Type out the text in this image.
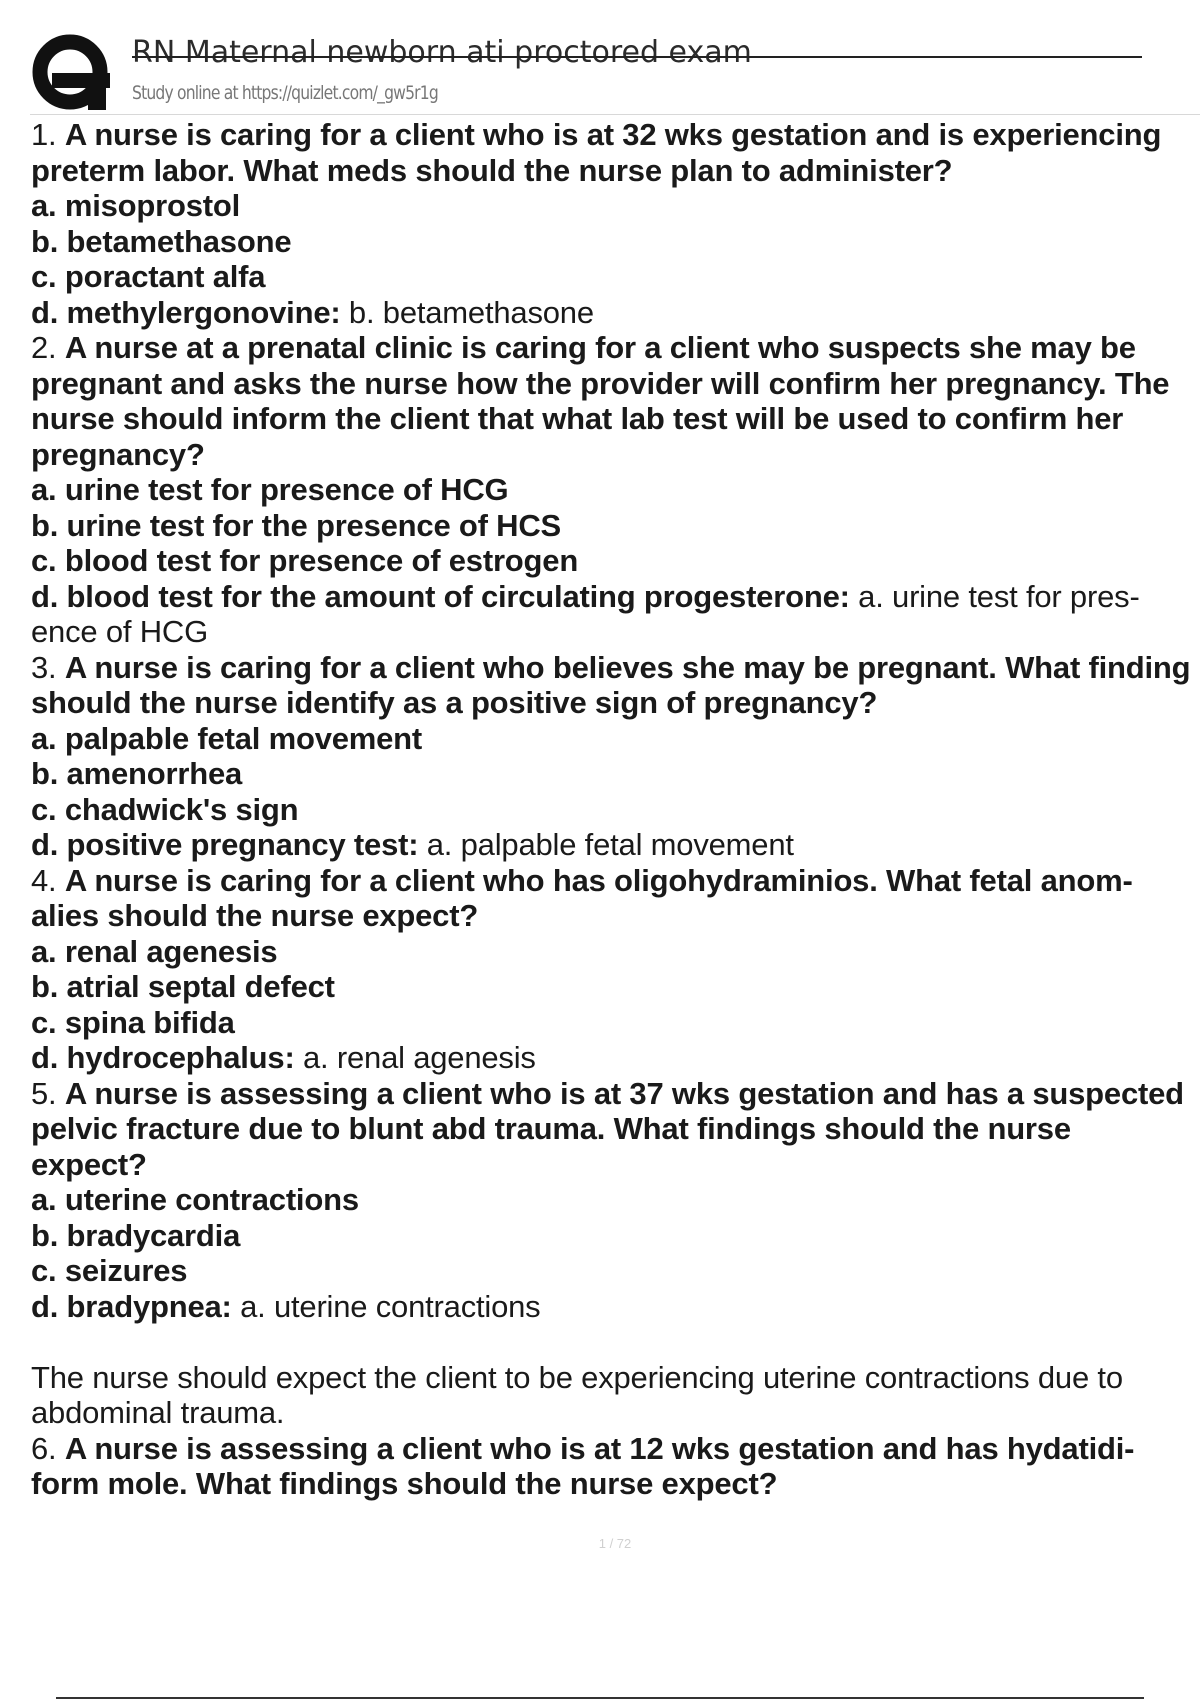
RN Maternal newborn ati proctored exam
Study online at https://quizlet.com/_gw5r1g
1. A nurse is caring for a client who is at 32 wks gestation and is experiencing
preterm labor. What meds should the nurse plan to administer?
a. misoprostol
b. betamethasone
c. poractant alfa
d. methylergonovine: b. betamethasone
2. A nurse at a prenatal clinic is caring for a client who suspects she may be
pregnant and asks the nurse how the provider will confirm her pregnancy. The
nurse should inform the client that what lab test will be used to confirm her
pregnancy?
a. urine test for presence of HCG
b. urine test for the presence of HCS
c. blood test for presence of estrogen
d. blood test for the amount of circulating progesterone: a. urine test for pres-
ence of HCG
3. A nurse is caring for a client who believes she may be pregnant. What finding
should the nurse identify as a positive sign of pregnancy?
a. palpable fetal movement
b. amenorrhea
c. chadwick's sign
d. positive pregnancy test: a. palpable fetal movement
4. A nurse is caring for a client who has oligohydraminios. What fetal anom-
alies should the nurse expect?
a. renal agenesis
b. atrial septal defect
c. spina bifida
d. hydrocephalus: a. renal agenesis
5. A nurse is assessing a client who is at 37 wks gestation and has a suspected
pelvic fracture due to blunt abd trauma. What findings should the nurse
expect?
a. uterine contractions
b. bradycardia
c. seizures
d. bradypnea: a. uterine contractions
The nurse should expect the client to be experiencing uterine contractions due to
abdominal trauma.
6. A nurse is assessing a client who is at 12 wks gestation and has hydatidi-
form mole. What findings should the nurse expect?
1 / 72
